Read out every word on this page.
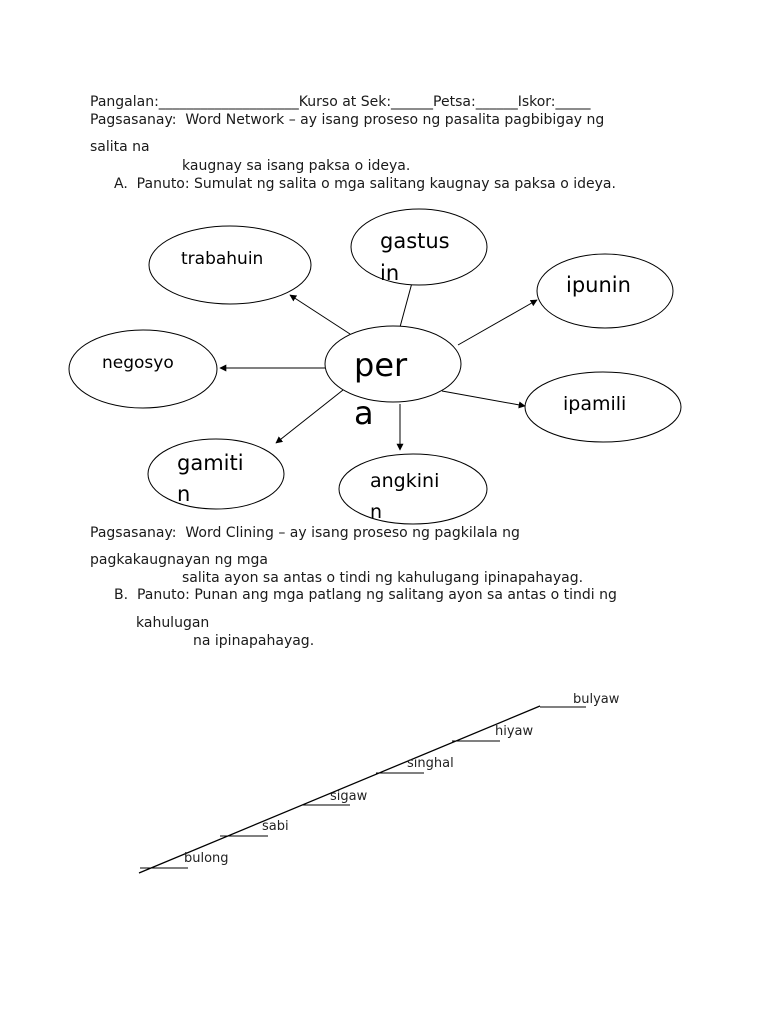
Pangalan:____________________Kurso at Sek:______Petsa:______Iskor:_____
Pagsasanay:  Word Network – ay isang proseso ng pasalita pagbibigay ng
salita na
kaugnay sa isang paksa o ideya.
A.  Panuto: Sumulat ng salita o mga salitang kaugnay sa paksa o ideya.
per a
trabahuin
gastus in	ipunin
negosyo
ipamili
gamiti n
angkini n
bulong
sabi
sigaw
singhal
hiyaw
bulyaw
Pagsasanay:  Word Clining – ay isang proseso ng pagkilala ng
pagkakaugnayan ng mga
salita ayon sa antas o tindi ng kahulugang ipinapahayag.
B.  Panuto: Punan ang mga patlang ng salitang ayon sa antas o tindi ng
kahulugan
na ipinapahayag.
